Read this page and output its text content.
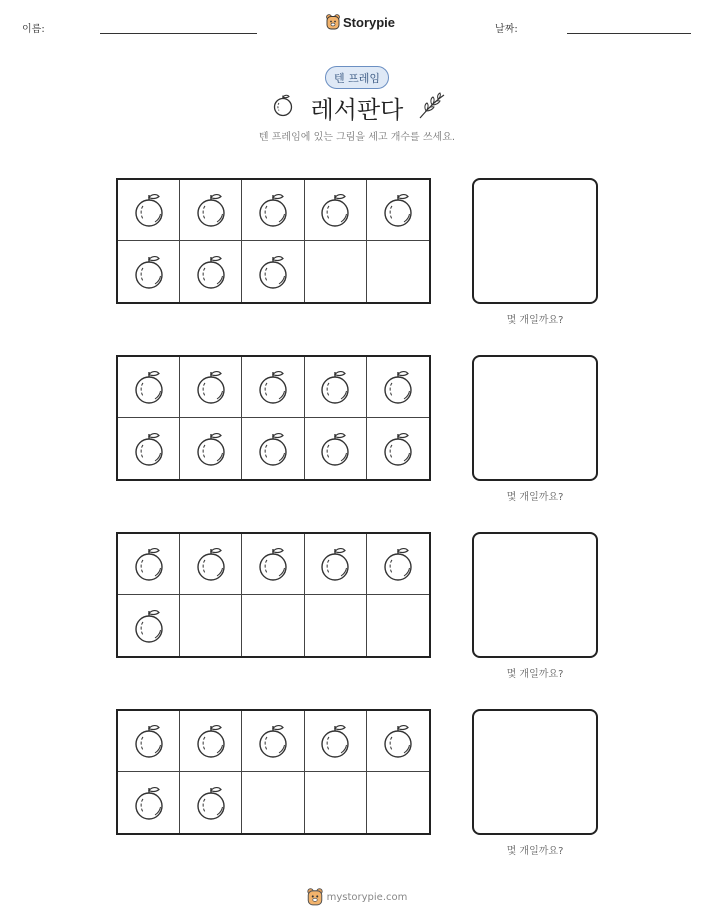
이름:	Storypie	날짜:
텐 프레임
레서판다
텐 프레임에 있는 그림을 세고 개수를 쓰세요.
몇 개일까요?
몇 개일까요?
몇 개일까요?
몇 개일까요?
mystorypie.com
